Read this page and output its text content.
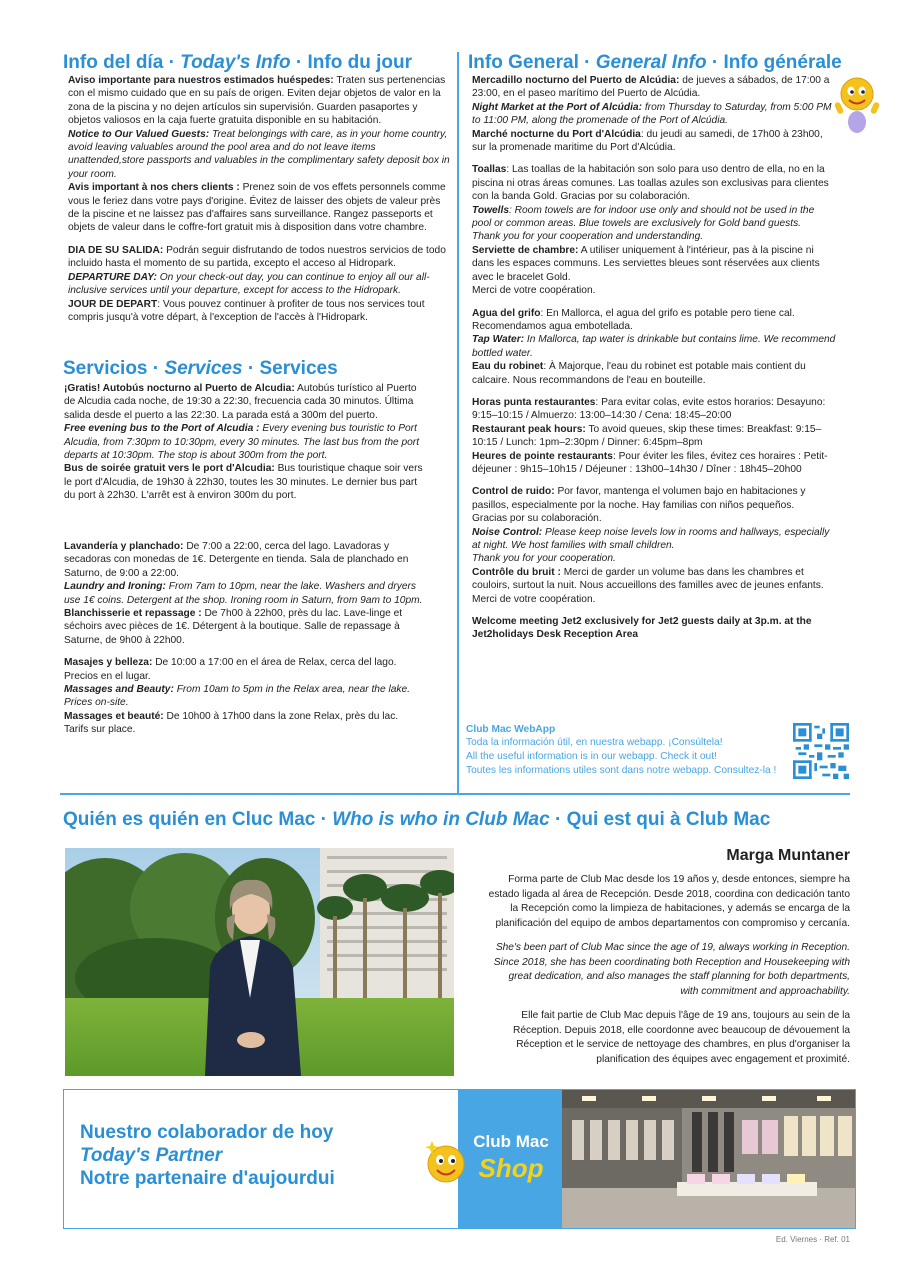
Info del día · Today's Info · Info du jour

Aviso importante para nuestros estimados huéspedes: Traten sus pertenencias con el mismo cuidado que en su país de origen. Eviten dejar objetos de valor en la zona de la piscina y no dejen artículos sin supervisión. Guarden pasaportes y objetos valiosos en la caja fuerte gratuita disponible en su habitación.

Notice to Our Valued Guests: Treat belongings with care, as in your home country, avoid leaving valuables around the pool area and do not leave items unattended,store passports and valuables in the complimentary safety deposit box in your room.

Avis important à nos chers clients : Prenez soin de vos effets personnels comme vous le feriez dans votre pays d'origine. Évitez de laisser des objets de valeur près de la piscine et ne laissez pas d'affaires sans surveillance. Rangez passeports et objets de valeur dans le coffre-fort gratuit mis à disposition dans votre chambre.

DIA DE SU SALIDA: Podrán seguir disfrutando de todos nuestros servicios de todo incluido hasta el momento de su partida, excepto el acceso al Hidropark.

DEPARTURE DAY: On your check-out day, you can continue to enjoy all our all-inclusive services until your departure, except for access to the Hidropark.

JOUR DE DEPART: Vous pouvez continuer à profiter de tous nos services tout compris jusqu'à votre départ, à l'exception de l'accès à l'Hidropark.

Servicios · Services · Services

¡Gratis! Autobús nocturno al Puerto de Alcudia: Autobús turístico al Puerto de Alcudia cada noche, de 19:30 a 22:30, frecuencia cada 30 minutos. Última salida desde el puerto a las 22:30. La parada está a 300m del puerto.

Free evening bus to the Port of Alcudia : Every evening bus touristic to Port Alcudia, from 7:30pm to 10:30pm, every 30 minutes. The last bus from the port departs at 10:30pm. The stop is about 300m from the port.

Bus de soirée gratuit vers le port d'Alcudia: Bus touristique chaque soir vers le port d'Alcudia, de 19h30 à 22h30, toutes les 30 minutes. Le dernier bus part du port à 22h30. L'arrêt est à environ 300m du port.

Lavandería y planchado: De 7:00 a 22:00, cerca del lago. Lavadoras y secadoras con monedas de 1€. Detergente en tienda. Sala de planchado en Saturno, de 9:00 a 22:00.

Laundry and Ironing: From 7am to 10pm, near the lake. Washers and dryers use 1€ coins. Detergent at the shop. Ironing room in Saturn, from 9am to 10pm.

Blanchisserie et repassage : De 7h00 à 22h00, près du lac. Lave-linge et séchoirs avec pièces de 1€. Détergent à la boutique. Salle de repassage à Saturne, de 9h00 à 22h00.

Masajes y belleza: De 10:00 a 17:00 en el área de Relax, cerca del lago.

Precios en el lugar.

Massages and Beauty: From 10am to 5pm in the Relax area, near the lake.

Prices on-site.

Massages et beauté: De 10h00 à 17h00 dans la zone Relax, près du lac.

Tarifs sur place.

Info General · General Info · Info générale

Mercadillo nocturno del Puerto de Alcúdia: de jueves a sábados, de 17:00 a 23:00, en el paseo marítimo del Puerto de Alcúdia.

Night Market at the Port of Alcúdia: from Thursday to Saturday, from 5:00 PM to 11:00 PM, along the promenade of the Port of Alcúdia.

Marché nocturne du Port d'Alcúdia: du jeudi au samedi, de 17h00 à 23h00, sur la promenade maritime du Port d'Alcúdia.

Toallas: Las toallas de la habitación son solo para uso dentro de ella, no en la piscina ni otras áreas comunes. Las toallas azules son exclusivas para clientes con la banda Gold. Gracias por su colaboración.

Towells: Room towels are for indoor use only and should not be used in the pool or common areas. Blue towels are exclusively for Gold band guests.

Thank you for your cooperation and understanding.

Serviette de chambre: A utiliser uniquement à l'intérieur, pas à la piscine ni dans les espaces communs. Les serviettes bleues sont réservées aux clients avec le bracelet Gold.

Merci de votre coopération.

Agua del grifo: En Mallorca, el agua del grifo es potable pero tiene cal. Recomendamos agua embotellada.

Tap Water: In Mallorca, tap water is drinkable but contains lime. We recommend bottled water.

Eau du robinet: À Majorque, l'eau du robinet est potable mais contient du calcaire. Nous recommandons de l'eau en bouteille.

Horas punta restaurantes: Para evitar colas, evite estos horarios: Desayuno: 9:15–10:15 / Almuerzo: 13:00–14:30 / Cena: 18:45–20:00

Restaurant peak hours: To avoid queues, skip these times: Breakfast: 9:15–10:15 / Lunch: 1pm–2:30pm / Dinner: 6:45pm–8pm

Heures de pointe restaurants: Pour éviter les files, évitez ces horaires : Petit-déjeuner : 9h15–10h15 / Déjeuner : 13h00–14h30 / Dîner : 18h45–20h00

Control de ruido: Por favor, mantenga el volumen bajo en habitaciones y pasillos, especialmente por la noche. Hay familias con niños pequeños.

Gracias por su colaboración.

Noise Control: Please keep noise levels low in rooms and hallways, especially at night. We host families with small children.

Thank you for your cooperation.

Contrôle du bruit : Merci de garder un volume bas dans les chambres et couloirs, surtout la nuit. Nous accueillons des familles avec de jeunes enfants.

Merci de votre coopération.

Welcome meeting Jet2 exclusively for Jet2 guests daily at 3p.m. at the Jet2holidays Desk Reception Area

Club Mac WebApp

Toda la información útil, en nuestra webapp. ¡Consúltela!

All the useful information is in our webapp. Check it out!

Toutes les informations utiles sont dans notre webapp. Consultez-la !

Quién es quién en Cluc Mac · Who is who in Club Mac · Qui est qui à Club Mac
Marga Muntaner

Forma parte de Club Mac desde los 19 años y, desde entonces, siempre ha estado ligada al área de Recepción. Desde 2018, coordina con dedicación tanto la Recepción como la limpieza de habitaciones, y además se encarga de la planificación del equipo de ambos departamentos con compromiso y cercanía.

She's been part of Club Mac since the age of 19, always working in Reception. Since 2018, she has been coordinating both Reception and Housekeeping with great dedication, and also manages the staff planning for both departments, with commitment and approachability.

Elle fait partie de Club Mac depuis l'âge de 19 ans, toujours au sein de la Réception. Depuis 2018, elle coordonne avec beaucoup de dévouement la Réception et le service de nettoyage des chambres, en plus d'organiser la planification des équipes avec engagement et proximité.

Nuestro colaborador de hoy
Today's Partner
Notre partenaire d'aujourdui
Club Mac
Shop
Ed. Viernes · Ref. 01
